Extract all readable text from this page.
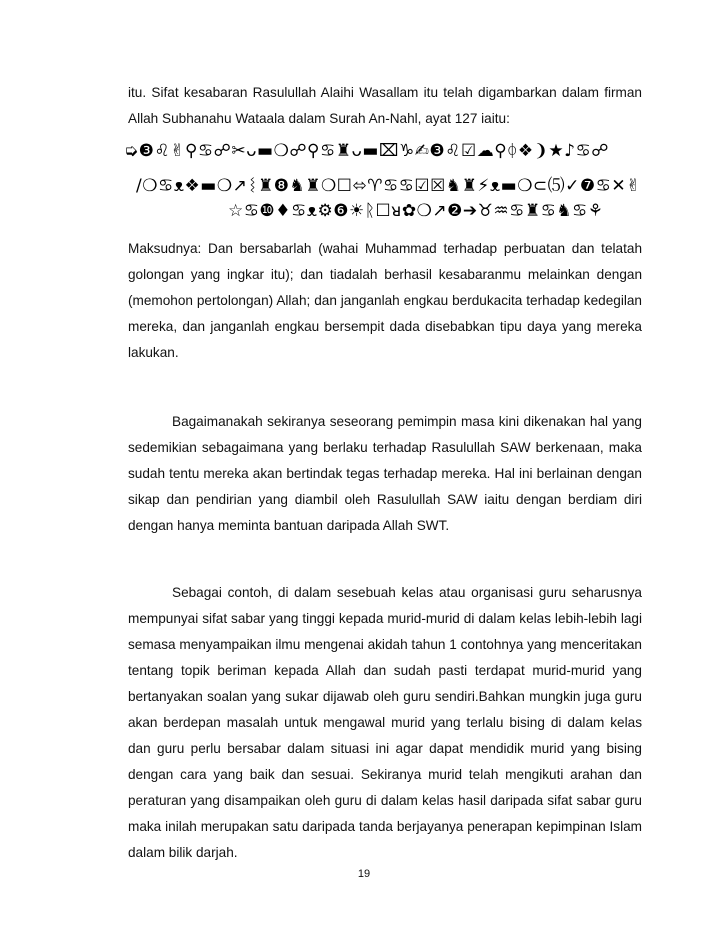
itu. Sifat kesabaran Rasulullah Alaihi Wasallam itu telah digambarkan dalam firman Allah Subhanahu Wataala dalam Surah An-Nahl, ayat 127 iaitu:

➭❸♌✌⚲♋☍✂ᴗ▬❍☍⚲♋♜ᴗ▬⌧♑✍❸♌☑☁⚲ᛰ❖❩★♪♋☍
/❍♋ᴥ❖▬❍↗ᛵ♜❽♞♜❍☐⬄♈♋♋☑☒♞♜⚡ᴥ▬❍⊂⑸✓❼♋✕✌
☆♋❿♦♋ᴥ⚙❻☀ᚱ☐ᴚ✿❍↗❷➔♉♒♋♜♋♞♋⚘

Maksudnya: Dan bersabarlah (wahai Muhammad terhadap perbuatan dan telatah golongan yang ingkar itu); dan tiadalah berhasil kesabaranmu melainkan dengan (memohon pertolongan) Allah; dan janganlah engkau berdukacita terhadap kedegilan mereka, dan janganlah engkau bersempit dada disebabkan tipu daya yang mereka lakukan.

Bagaimanakah sekiranya seseorang pemimpin masa kini dikenakan hal yang sedemikian sebagaimana yang berlaku terhadap Rasulullah SAW berkenaan, maka sudah tentu mereka akan bertindak tegas terhadap mereka. Hal ini berlainan dengan sikap dan pendirian yang diambil oleh Rasulullah SAW iaitu dengan berdiam diri dengan hanya meminta bantuan daripada Allah SWT.

Sebagai contoh, di dalam sesebuah kelas atau organisasi guru seharusnya mempunyai sifat sabar yang tinggi kepada murid-murid di dalam kelas lebih-lebih lagi semasa menyampaikan ilmu mengenai akidah tahun 1 contohnya yang menceritakan tentang topik beriman kepada Allah dan sudah pasti terdapat murid-murid yang bertanyakan soalan yang sukar dijawab oleh guru sendiri.Bahkan mungkin juga guru akan berdepan masalah untuk mengawal murid yang terlalu bising di dalam kelas dan guru perlu bersabar dalam situasi ini agar dapat mendidik murid yang bising dengan cara yang baik dan sesuai. Sekiranya murid telah mengikuti arahan dan peraturan yang disampaikan oleh guru di dalam kelas hasil daripada sifat sabar guru maka inilah merupakan satu daripada tanda berjayanya penerapan kepimpinan Islam dalam bilik darjah.

19
